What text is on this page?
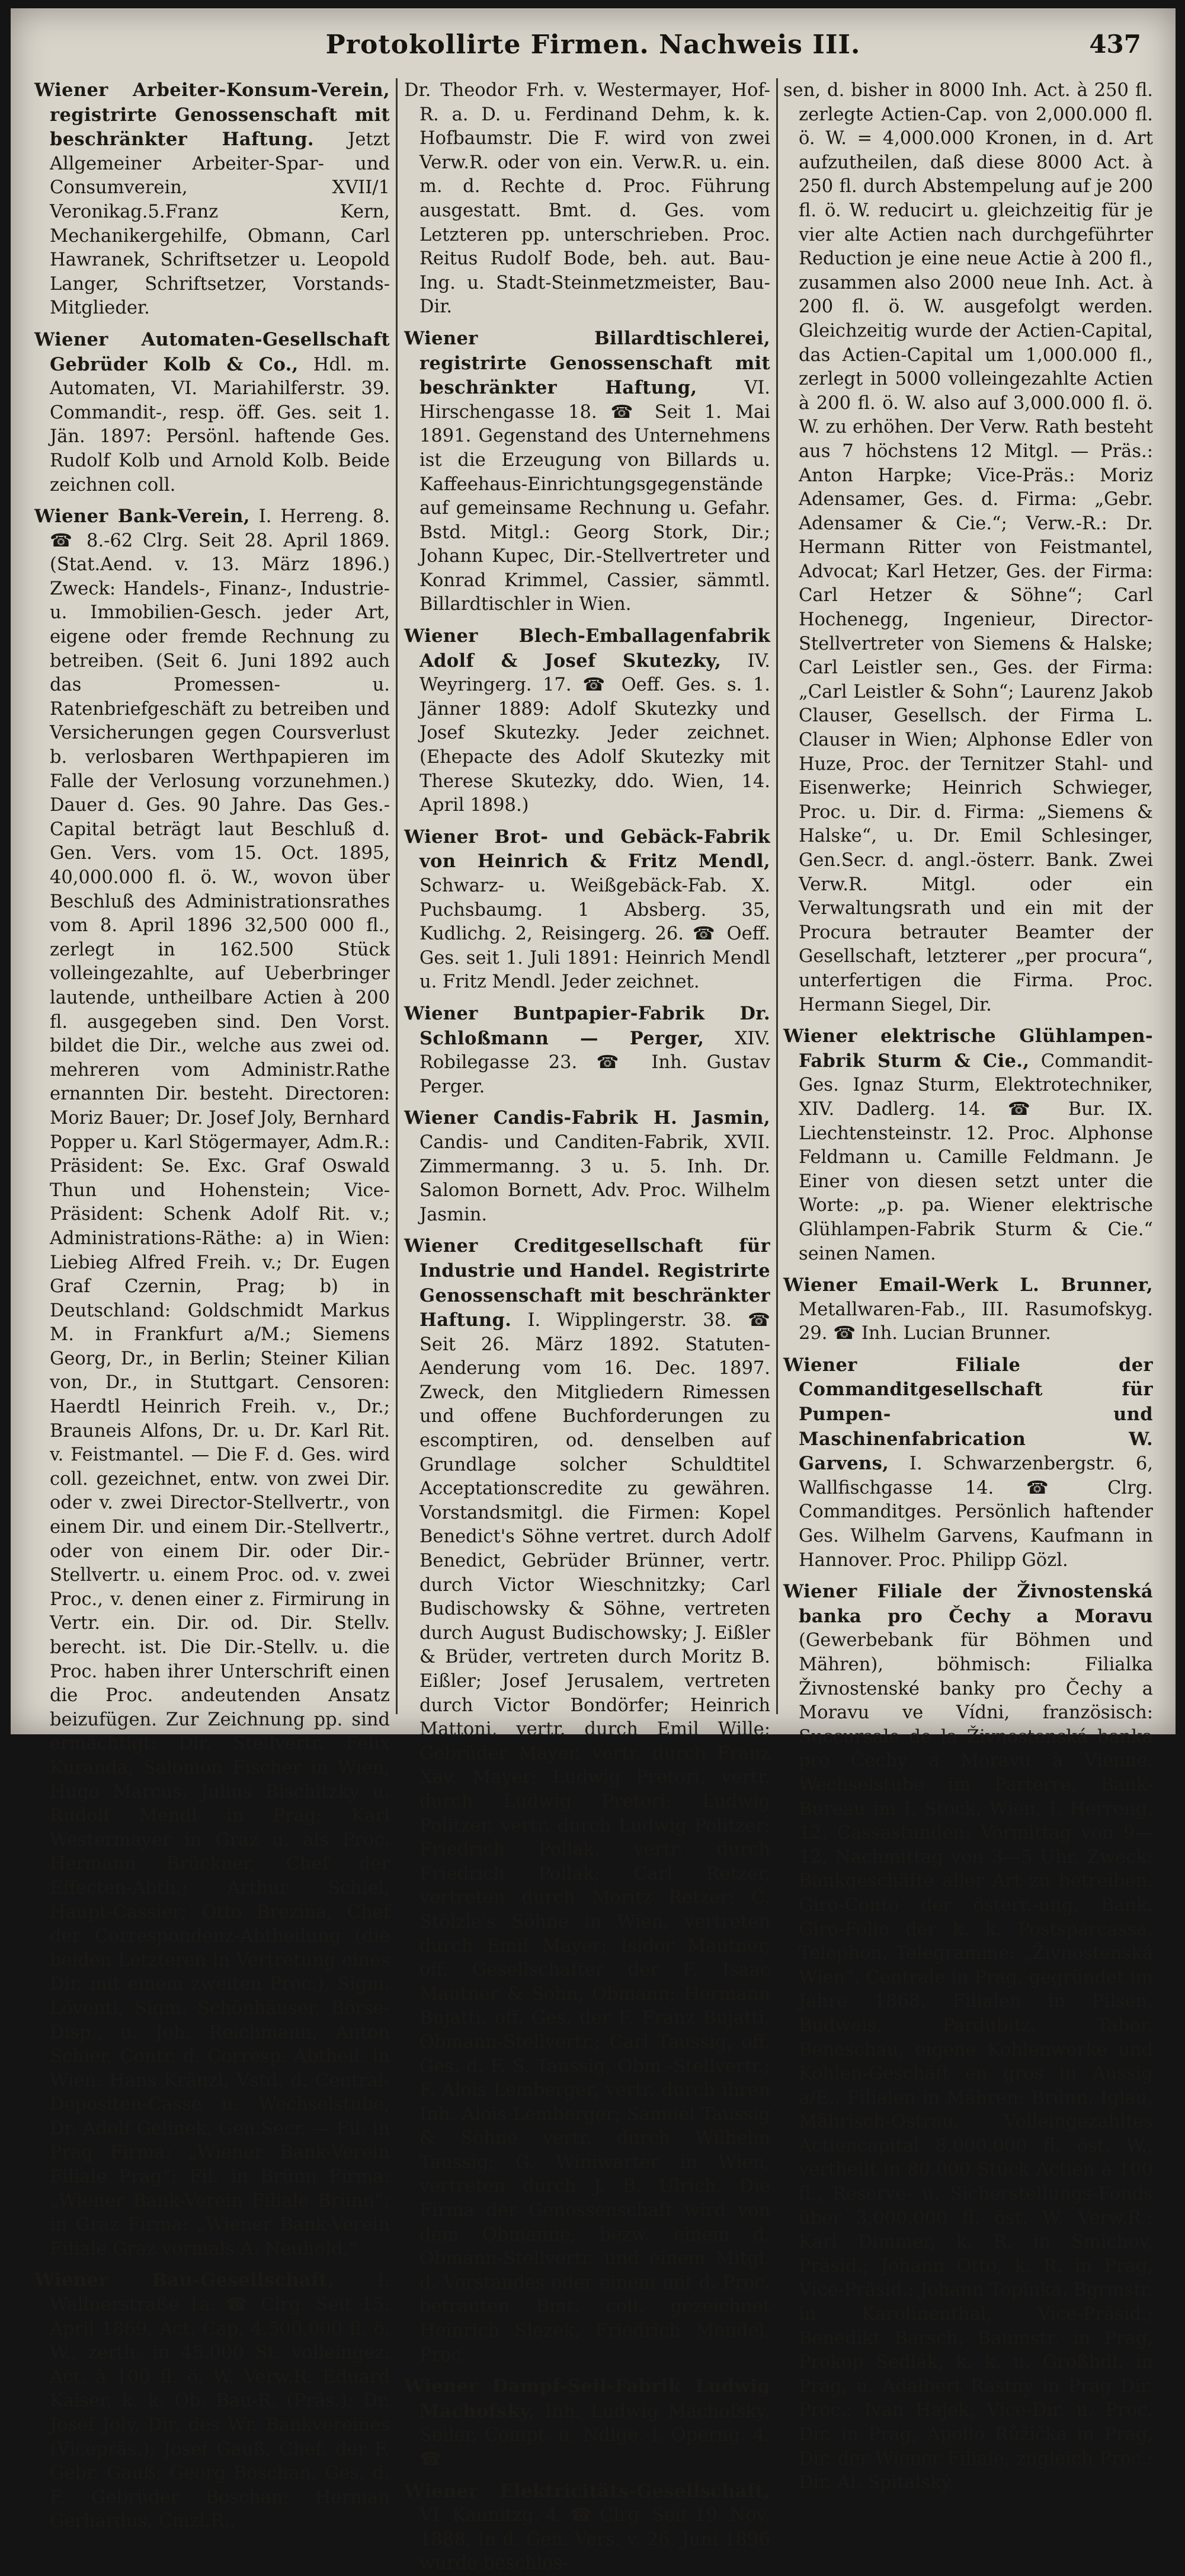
Protokollirte Firmen. Nachweis III.	437

Wiener Arbeiter-Konsum-Verein, registrirte Genossenschaft mit beschränkter Haftung. Jetzt Allgemeiner Arbeiter-Spar- und Consumverein, XVII/1 Veronikag.5.Franz Kern, Mechanikergehilfe, Obmann, Carl Hawranek, Schriftsetzer u. Leopold Langer, Schriftsetzer, Vorstands-Mitglieder.

Wiener Automaten-Gesellschaft Gebrüder Kolb & Co., Hdl. m. Automaten, VI. Mariahilferstr. 39. Commandit-, resp. öff. Ges. seit 1. Jän. 1897: Persönl. haftende Ges. Rudolf Kolb und Arnold Kolb. Beide zeichnen coll.

Wiener Bank-Verein, I. Herreng. 8. ☎ 8.-62 Clrg. Seit 28. April 1869. (Stat.Aend. v. 13. März 1896.) Zweck: Handels-, Finanz-, Industrie- u. Immobilien-Gesch. jeder Art, eigene oder fremde Rechnung zu betreiben. (Seit 6. Juni 1892 auch das Promessen- u. Ratenbriefgeschäft zu betreiben und Versicherungen gegen Coursverlust b. verlosbaren Werthpapieren im Falle der Verlosung vorzunehmen.) Dauer d. Ges. 90 Jahre. Das Ges.-Capital beträgt laut Beschluß d. Gen. Vers. vom 15. Oct. 1895, 40,000.000 fl. ö. W., wovon über Beschluß des Administrationsrathes vom 8. April 1896 32,500 000 fl., zerlegt in 162.500 Stück volleingezahlte, auf Ueberbringer lautende, untheilbare Actien à 200 fl. ausgegeben sind. Den Vorst. bildet die Dir., welche aus zwei od. mehreren vom Administr.Rathe ernannten Dir. besteht. Directoren: Moriz Bauer; Dr. Josef Joly, Bernhard Popper u. Karl Stögermayer, Adm.R.: Präsident: Se. Exc. Graf Oswald Thun und Hohenstein; Vice-Präsident: Schenk Adolf Rit. v.; Administrations-Räthe: a) in Wien: Liebieg Alfred Freih. v.; Dr. Eugen Graf Czernin, Prag; b) in Deutschland: Goldschmidt Markus M. in Frankfurt a/M.; Siemens Georg, Dr., in Berlin; Steiner Kilian von, Dr., in Stuttgart. Censoren: Haerdtl Heinrich Freih. v., Dr.; Brauneis Alfons, Dr. u. Dr. Karl Rit. v. Feistmantel. — Die F. d. Ges. wird coll. gezeichnet, entw. von zwei Dir. oder v. zwei Director-Stellvertr., von einem Dir. und einem Dir.-Stellvertr., oder von einem Dir. oder Dir.-Stellvertr. u. einem Proc. od. v. zwei Proc., v. denen einer z. Firmirung in Vertr. ein. Dir. od. Dir. Stellv. berecht. ist. Die Dir.-Stellv. u. die Proc. haben ihrer Unterschrift einen die Proc. andeutenden Ansatz beizufügen. Zur Zeichnung pp. sind ermächtigt: Dir. Stellvertr. Felix Kuranda, Salomon Fischer in Wien, Hugo Marcus, Julius Bischitzky u. Rudolf Mendl in Prag; Karl Westermayer in Graz u. als Proc. Hermann Brückner, Chef der Effecten-Abth.; Arthur Schiel, Haupt-Cassier; Otto Brezina, Chef der Correspondenz-Abtheilung (die beiden Letzteren in Vertretung eines Dir. mit einem zweiten Proc.), Sigm. Löventi, Sigm. Schönhäuser, Börse-Disp., u. Joh. Reichmann, Anton Schier, Contr. d. Corresp. Abtheil. in Wien. Hans Kränzl, Vstd. d. Central-Depositen-Casse u. Wechselstube, Dr. Adolf Gelinek, Gen.Secr. — Fil. in Prag Firma: „Wiener Bank-Verein Filiale Prag“; Fil. in Brünn Firma: „Wiener Bank-Verein Filiale Brünn“; in Graz Firma: „Wiener Bank-Verein Filiale Graz vormals A. Neuhold.“

Wiener Bau-Gesellschaft, I. Wallnerstraße 1a. ☎ Clrg. Seit 15. April 1869. Act. Cap. 4,500.000 fl. ö. W., zerth. in 45.000 St. volleingez. Act. à 100 fl. ö. W. Verw.R. Eduard Kaiser, k. k. Ob. Bau-R. (Präs.); Dr. Josef Joly, Dir. des Wr. Bankvereines (Vicepräs.); Josef Gauß, Chef. der F. Gebr. Gauß; Georg Boschan, Ges. d. F. Gebrüder Boschan; Herman Gerhardus, Cmzl.R.,

Dr. Theodor Frh. v. Westermayer, Hof-R. a. D. u. Ferdinand Dehm, k. k. Hofbaumstr. Die F. wird von zwei Verw.R. oder von ein. Verw.R. u. ein. m. d. Rechte d. Proc. Führung ausgestatt. Bmt. d. Ges. vom Letzteren pp. unterschrieben. Proc. Reitus Rudolf Bode, beh. aut. Bau-Ing. u. Stadt-Steinmetzmeister, Bau-Dir.

Wiener Billardtischlerei, registrirte Genossenschaft mit beschränkter Haftung,	VI. Hirschengasse 18. ☎ Seit 1. Mai 1891. Gegenstand des Unternehmens ist die Erzeugung von Billards u. Kaffeehaus-Einrichtungsgegenstände auf gemeinsame Rechnung u. Gefahr. Bstd. Mitgl.: Georg Stork, Dir.; Johann Kupec, Dir.-Stellvertreter und Konrad Krimmel, Cassier, sämmtl. Billardtischler in Wien.

Wiener Blech-Emballagenfabrik Adolf & Josef Skutezky, IV. Weyringerg. 17. ☎ Oeff. Ges. s. 1. Jänner 1889: Adolf Skutezky und Josef Skutezky. Jeder zeichnet. (Ehepacte des Adolf Skutezky mit Therese Skutezky, ddo. Wien, 14. April 1898.)

Wiener Brot- und Gebäck-Fabrik von Heinrich & Fritz Mendl, Schwarz- u. Weißgebäck-Fab. X. Puchsbaumg. 1 Absberg. 35, Kudlichg. 2, Reisingerg. 26. ☎ Oeff. Ges. seit 1. Juli 1891: Heinrich Mendl u. Fritz Mendl. Jeder zeichnet.

Wiener Buntpapier-Fabrik Dr. Schloßmann — Perger, XIV. Robilegasse 23. ☎ Inh. Gustav Perger.

Wiener Candis-Fabrik H. Jasmin, Candis- und Canditen-Fabrik, XVII. Zimmermanng. 3 u. 5. Inh. Dr. Salomon Bornett, Adv. Proc. Wilhelm Jasmin.

Wiener Creditgesellschaft für Industrie und Handel. Registrirte Genossenschaft mit beschränkter Haftung. I. Wipplingerstr. 38. ☎ Seit 26. März 1892. Statuten-Aenderung vom 16. Dec. 1897. Zweck, den Mitgliedern Rimessen und offene Buchforderungen zu escomptiren, od. denselben auf Grundlage solcher Schuldtitel Acceptationscredite zu gewähren. Vorstandsmitgl. die Firmen: Kopel Benedict's Söhne vertret. durch Adolf Benedict, Gebrüder Brünner, vertr. durch Victor Wieschnitzky; Carl Budischowsky & Söhne, vertreten durch August Budischowsky; J. Eißler & Brüder, vertreten durch Moritz B. Eißler; Josef Jerusalem, vertreten durch Victor Bondörfer; Heinrich Mattoni, vertr. durch Emil Wille; Gebrüder Mayer, vertr. durch Franz Xav. Mayer; Ludwig Pretori, vertr. durch Ludwig Pretori; Ludwig Politzer, vertr. durch Ludwig Politzer; Friedrich Pollak, vertr. durch Friedrich Pollak; Carl Retzer, vertreten durch Moritz Retzer; C. Stölzle's Söhne in Wien, vertreten durch Emil Mayer; Isidor Mautner, off. Gesellschafter der F. Isaac Mautner & Sohn, Obmann; Hermann Bujatti, off. Ges. der F. Franz Bujatti, Obmann-Stellvertr.; Carl Taussig, off. Ges. d. F. S. Taussig, Obm.-Stellvertr.; F. Alois Lemberger, vertr. durch ihren Inh. Alois Lemberger; Samuel Taussig & Söhne vertr. durch Wilhelm Taussig; G. Winiwarter in Wien, vertreten durch J. B. Ulrich. Die Firma der Genossenschaft wird von dem Obmanne, bezw. einem d. Obmann-Stellvertr. und einem Mitgl. d. Vorstandes oder einem mit d. Proc. betrauten Bmt. coll. gezeichnet Heinrich Slezek, Friedrich Mendel, Proc.

Wiener Dampf-Seil-Fabrik Ludwig Machofsky, Inh. Ludwig Machofsky, Seiler, Compt. u. Ndlge. I. Operng. 4. ☎

Wiener Elektricitäts-Gesellschaft, VI. Kaunitzg. 4. ☎ Clrg. Seit 19. Nov. 1888. In d. Gen. Vers. v. 26. Juni 1896 wurde beschlos-

sen, d. bisher in 8000 Inh. Act. à 250 fl. zerlegte Actien-Cap. von 2,000.000 fl. ö. W. = 4,000.000 Kronen, in d. Art aufzutheilen, daß diese 8000 Act. à 250 fl. durch Abstempelung auf je 200 fl. ö. W. reducirt u. gleichzeitig für je vier alte Actien nach durchgeführter Reduction je eine neue Actie à 200 fl., zusammen also 2000 neue Inh. Act. à 200 fl. ö. W. ausgefolgt werden. Gleichzeitig wurde der Actien-Capital, das Actien-Capital um 1,000.000 fl., zerlegt in 5000 volleingezahlte Actien à 200 fl. ö. W. also auf 3,000.000 fl. ö. W. zu erhöhen. Der Verw. Rath besteht aus 7 höchstens 12 Mitgl. — Präs.: Anton Harpke; Vice-Präs.: Moriz Adensamer, Ges. d. Firma: „Gebr. Adensamer & Cie.“; Verw.-R.: Dr. Hermann Ritter von Feistmantel, Advocat; Karl Hetzer, Ges. der Firma: Carl Hetzer & Söhne“; Carl Hochenegg, Ingenieur, Director-Stellvertreter von Siemens & Halske; Carl Leistler sen., Ges. der Firma: „Carl Leistler & Sohn“; Laurenz Jakob Clauser, Gesellsch. der Firma L. Clauser in Wien; Alphonse Edler von Huze, Proc. der Ternitzer Stahl- und Eisenwerke; Heinrich Schwieger, Proc. u. Dir. d. Firma: „Siemens & Halske“, u. Dr. Emil Schlesinger, Gen.Secr. d. angl.-österr. Bank. Zwei Verw.R. Mitgl. oder ein Verwaltungsrath und ein mit der Procura betrauter Beamter der Gesellschaft, letzterer „per procura“, unterfertigen die Firma. Proc. Hermann Siegel, Dir.

Wiener elektrische Glühlampen-Fabrik Sturm & Cie., Commandit-Ges. Ignaz Sturm, Elektrotechniker, XIV. Dadlerg. 14. ☎ Bur. IX. Liechtensteinstr. 12. Proc. Alphonse Feldmann u. Camille Feldmann. Je Einer von diesen setzt unter die Worte: „p. pa. Wiener elektrische Glühlampen-Fabrik Sturm & Cie.“ seinen Namen.

Wiener Email-Werk L. Brunner, Metallwaren-Fab., III. Rasumofskyg. 29. ☎ Inh. Lucian Brunner.

Wiener Filiale der Commanditgesellschaft für Pumpen- und Maschinenfabrication W. Garvens, I. Schwarzenbergstr. 6, Wallfischgasse 14. ☎ Clrg. Commanditges. Persönlich haftender Ges. Wilhelm Garvens, Kaufmann in Hannover. Proc. Philipp Gözl.

Wiener Filiale der Živnostenská banka pro Čechy a Moravu (Gewerbebank für Böhmen und Mähren), böhmisch: Filialka Živnostenské banky pro Čechy a Moravu ve Vídni, französisch: Succursale de la Živnostenská banka pro Čechy a Moravu à Vienne. Wechselstube im Parterre, Bank-Bureau im I. Stock, Wien, I. Herreng. 12. Cassastunden: Vormittag von 9—12, Nachmittag von 3—5 Uhr. Zweck: Bankgeschäfte aller Art zu betreiben. Giro-Conto der österr.-ung. Bank, Giro-Folio der k. k. Postsparcassa, Telephon, Telegramme: „Živnostenská Wien“. Centrale in Prag, gegründet im Jahre 1868, Filialen in Pilsen, Budweis, Pardubitz, Tabor, Beneschau, eigene Kohlenwerke und Kohlen-Geschäft en gros in Aussig a/E., Filialen in Mähren: Brünn, Iglau, Mährisch-Ostrau. Volleingezahltes Actiencapital 8,000.000 fl. öst. W., vertheilt in 80.000 Stück Actien à 100 fl., Reserve- u. Sicherstellungs-Fonds über 3,000.000 fl. öst. W. Verw.R.: Karl Dimmer, k. R. in Smichov, Präsid.; Johann Otto, k. R. in Prag, Vice-Präsid.; Johann Topinka, Bgrmstr. in Karolinenthal, Vice-Präsid.; Benedikt Barsch, Baumstr. in Prag, Prokop Sedlák, k. k. u. Großhdl. in Prag, u. Adalbert Rastny in Prag Dir. Proc.: Ivan Hajek, Vice-Dir. u. Proc. Dir. in Prag, Apollo Růžička in Prag, Dir. der Wiener Filiale, zugleich Proc.: Dir. Al. Spitalský.
